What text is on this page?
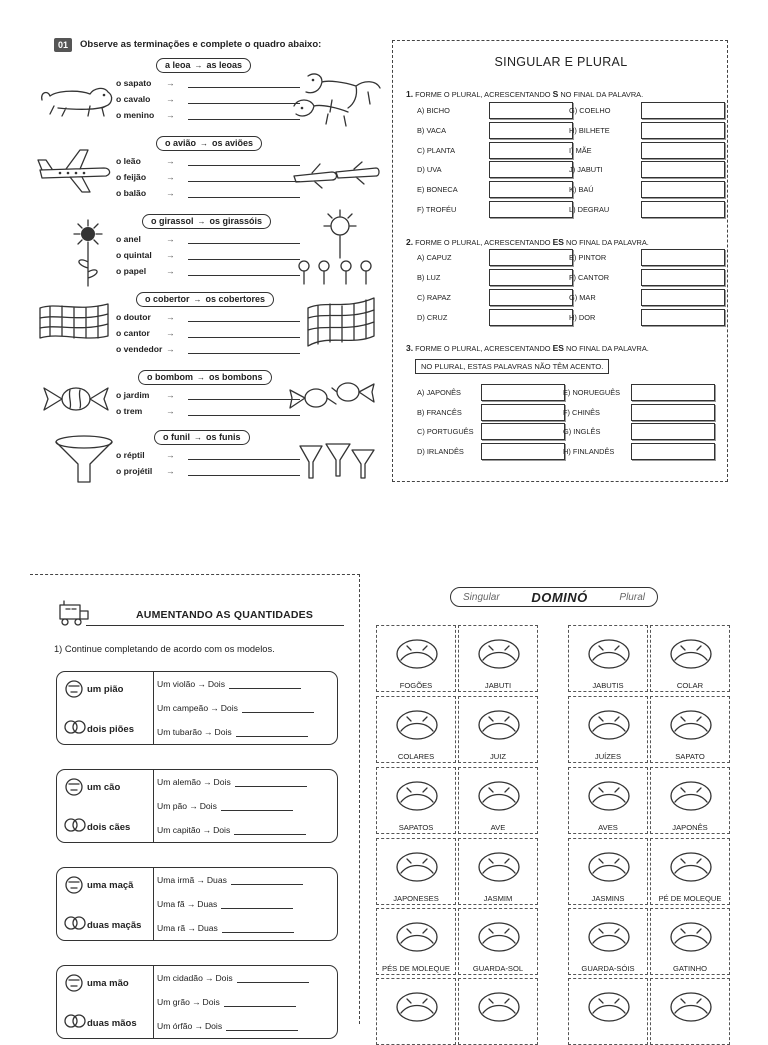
01	Observe as terminações e complete o quadro abaixo:
a leoa → as leoas
o sapato	→
o cavalo	→
o menino	→
o avião → os aviões
o leão	→
o feijão	→
o balão	→
o girassol → os girassóis
o anel	→
o quintal	→
o papel	→
o cobertor → os cobertores
o doutor	→
o cantor	→
o vendedor →
o bombom → os bombons
o jardim	→
o trem	→
o funil → os funis
o réptil	→
o projétil	→
SINGULAR E PLURAL
1. FORME O PLURAL, ACRESCENTANDO S NO FINAL DA PALAVRA.
A) BICHO
B) VACA
C) PLANTA
D) UVA
E) BONECA
F) TROFÉU
G) COELHO
H) BILHETE
I) MÃE
J) JABUTI
K) BAÚ
L) DEGRAU
2. FORME O PLURAL, ACRESCENTANDO ES NO FINAL DA PALAVRA.
A) CAPUZ
B) LUZ
C) RAPAZ
D) CRUZ
E) PINTOR
F) CANTOR
G) MAR
H) DOR
3. FORME O PLURAL, ACRESCENTANDO ES NO FINAL DA PALAVRA.
NO PLURAL, ESTAS PALAVRAS NÃO TÊM ACENTO.
A) JAPONÊS
B) FRANCÊS
C) PORTUGUÊS
D) IRLANDÊS
E) NORUEGUÊS
F) CHINÊS
G) INGLÊS
H) FINLANDÊS
AUMENTANDO AS QUANTIDADES
1) Continue completando de acordo com os modelos.
um pião
dois piões
Um violão → Dois
Um campeão → Dois
Um tubarão → Dois
um cão
dois cães
Um alemão → Dois
Um pão → Dois
Um capitão → Dois
uma maçã
duas maçãs
Uma irmã → Duas
Uma fã → Duas
Uma rã → Duas
uma mão
duas mãos
Um cidadão → Dois
Um grão → Dois
Um órfão → Dois
Singular DOMINÓ	Plural
FOGÕES	JABUTI	JABUTIS	COLAR
COLARES	JUIZ	JUÍZES	SAPATO
SAPATOS	AVE	AVES	JAPONÊS
JAPONESES	JASMIM	JASMINS	PÉ DE MOLEQUE
PÉS DE MOLEQUE	GUARDA-SOL	GUARDA-SÓIS	GATINHO
